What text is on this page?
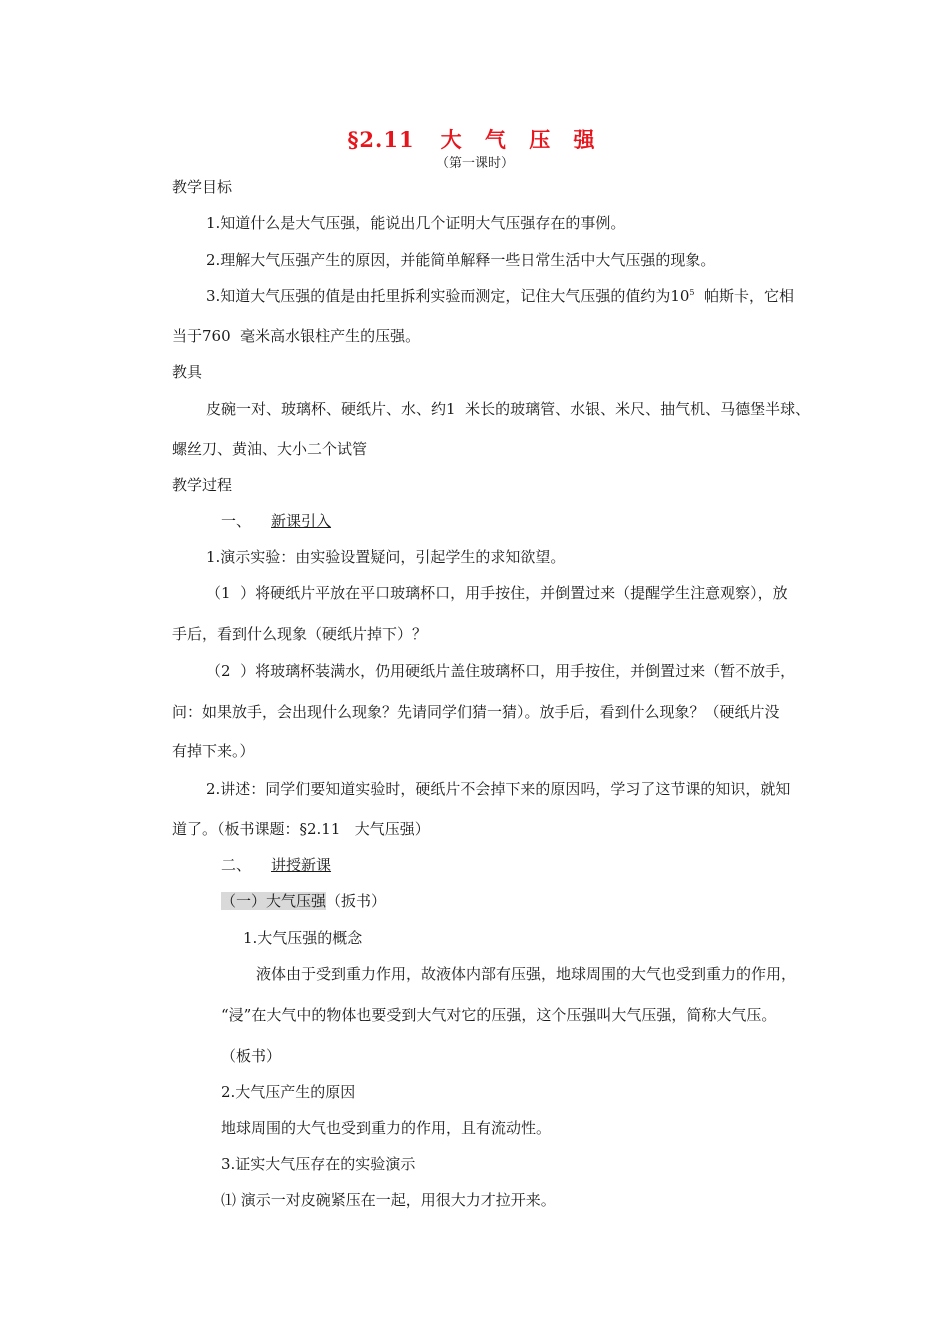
§2.11 大 气 压 强
（第一课时）
教学目标
1.知道什么是大气压强，能说出几个证明大气压强存在的事例。
2.理解大气压强产生的原因，并能简单解释一些日常生活中大气压强的现象。
3.知道大气压强的值是由托里拆利实验而测定，记住大气压强的值约为$10^5$  帕斯卡，它相
当于760  毫米高水银柱产生的压强。
教具
皮碗一对、玻璃杯、硬纸片、水、约1  米长的玻璃管、水银、米尺、抽气机、马德堡半球、
螺丝刀、黄油、大小二个试管
教学过程
一、 新课引入
1.演示实验：由实验设置疑问，引起学生的求知欲望。
（1  ）将硬纸片平放在平口玻璃杯口，用手按住，并倒置过来（提醒学生注意观察），放
手后，看到什么现象（硬纸片掉下）？
（2  ）将玻璃杯装满水，仍用硬纸片盖住玻璃杯口，用手按住，并倒置过来（暂不放手，
问：如果放手，会出现什么现象？先请同学们猜一猜）。放手后，看到什么现象？（硬纸片没
有掉下来。）
2.讲述：同学们要知道实验时，硬纸片不会掉下来的原因吗，学习了这节课的知识，就知
道了。（板书课题：§2.11   大气压强）
二、 讲授新课
（一）大气压强（扳书）
1.大气压强的概念
液体由于受到重力作用，故液体内部有压强，地球周围的大气也受到重力的作用，
“浸”在大气中的物体也要受到大气对它的压强，这个压强叫大气压强，简称大气压。
（板书）
2.大气压产生的原因
地球周围的大气也受到重力的作用，且有流动性。
3.证实大气压存在的实验演示
⑴ 演示一对皮碗紧压在一起，用很大力才拉开来。
